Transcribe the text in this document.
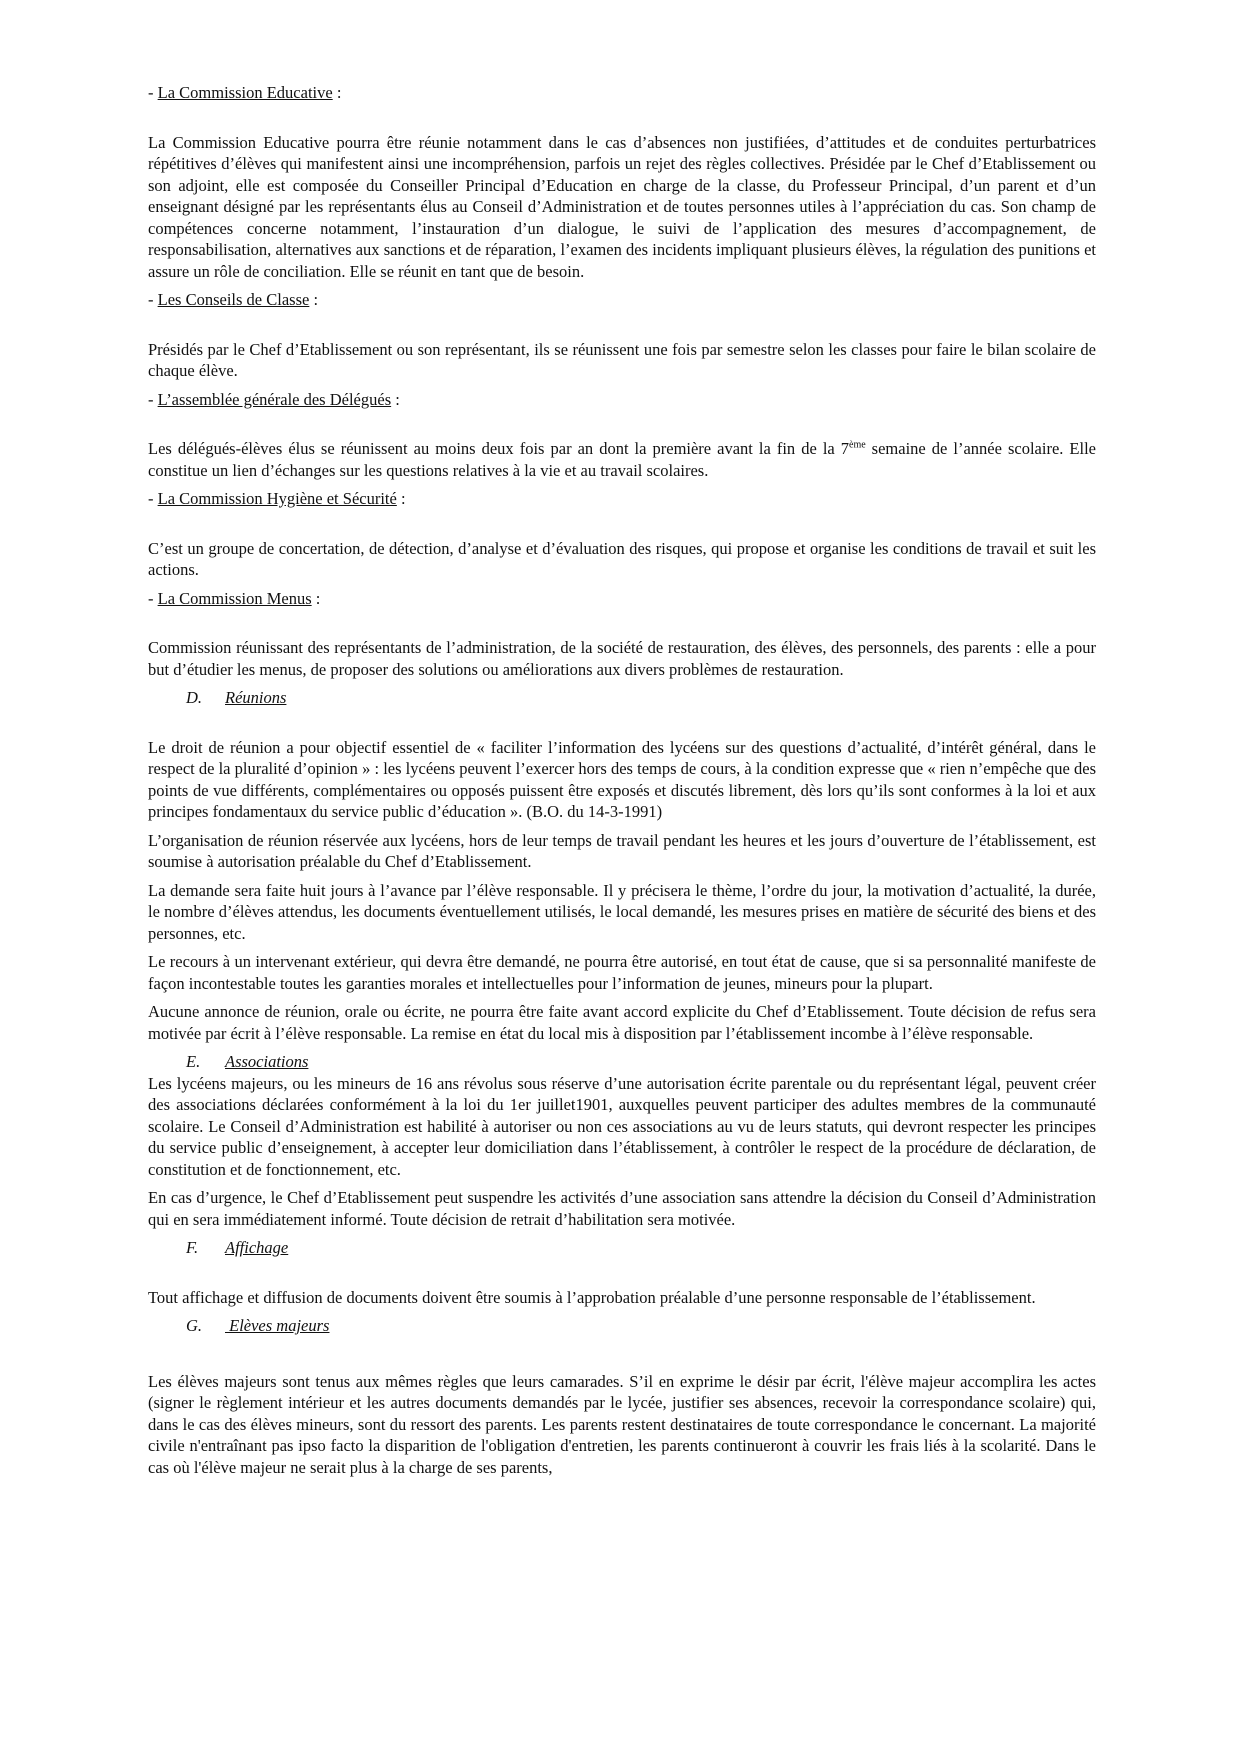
- La Commission Educative :

La Commission Educative pourra être réunie notamment dans le cas d’absences non justifiées, d’attitudes et de conduites perturbatrices répétitives d’élèves qui manifestent ainsi une incompréhension, parfois un rejet des règles collectives. Présidée par le Chef d’Etablissement ou son adjoint, elle est composée du Conseiller Principal d’Education en charge de la classe, du Professeur Principal, d’un parent et d’un enseignant désigné par les représentants élus au Conseil d’Administration et de toutes personnes utiles à l’appréciation du cas. Son champ de compétences concerne notamment, l’instauration d’un dialogue, le suivi de l’application des mesures d’accompagnement, de responsabilisation, alternatives aux sanctions et de réparation, l’examen des incidents impliquant plusieurs élèves, la régulation des punitions et assure un rôle de conciliation. Elle se réunit en tant que de besoin.

- Les Conseils de Classe :

Présidés par le Chef d’Etablissement ou son représentant, ils se réunissent une fois par semestre selon les classes pour faire le bilan scolaire de chaque élève.

- L’assemblée générale des Délégués :

Les délégués-élèves élus se réunissent au moins deux fois par an dont la première avant la fin de la 7ème semaine de l’année scolaire. Elle constitue un lien d’échanges sur les questions relatives à la vie et au travail scolaires.

- La Commission Hygiène et Sécurité :

C’est un groupe de concertation, de détection, d’analyse et d’évaluation des risques, qui propose et organise les conditions de travail et suit les actions.

- La Commission Menus :

Commission réunissant des représentants de l’administration, de la société de restauration, des élèves, des personnels, des parents : elle a pour but d’étudier les menus, de proposer des solutions ou améliorations aux divers problèmes de restauration.

D. Réunions

Le droit de réunion a pour objectif essentiel de « faciliter l’information des lycéens sur des questions d’actualité, d’intérêt général, dans le respect de la pluralité d’opinion » : les lycéens peuvent l’exercer hors des temps de cours, à la condition expresse que « rien n’empêche que des points de vue différents, complémentaires ou opposés puissent être exposés et discutés librement, dès lors qu’ils sont conformes à la loi et aux principes fondamentaux du service public d’éducation ». (B.O. du 14-3-1991)

L’organisation de réunion réservée aux lycéens, hors de leur temps de travail pendant les heures et les jours d’ouverture de l’établissement, est soumise à autorisation préalable du Chef d’Etablissement.

La demande sera faite huit jours à l’avance par l’élève responsable. Il y précisera le thème, l’ordre du jour, la motivation d’actualité, la durée, le nombre d’élèves attendus, les documents éventuellement utilisés, le local demandé, les mesures prises en matière de sécurité des biens et des personnes, etc.

Le recours à un intervenant extérieur, qui devra être demandé, ne pourra être autorisé, en tout état de cause, que si sa personnalité manifeste de façon incontestable toutes les garanties morales et intellectuelles pour l’information de jeunes, mineurs pour la plupart.

Aucune annonce de réunion, orale ou écrite, ne pourra être faite avant accord explicite du Chef d’Etablissement. Toute décision de refus sera motivée par écrit à l’élève responsable. La remise en état du local mis à disposition par l’établissement incombe à l’élève responsable.

E. Associations

Les lycéens majeurs, ou les mineurs de 16 ans révolus sous réserve d’une autorisation écrite parentale ou du représentant légal, peuvent créer des associations déclarées conformément à la loi du 1er juillet1901, auxquelles peuvent participer des adultes membres de la communauté scolaire. Le Conseil d’Administration est habilité à autoriser ou non ces associations au vu de leurs statuts, qui devront respecter les principes du service public d’enseignement, à accepter leur domiciliation dans l’établissement, à contrôler le respect de la procédure de déclaration, de constitution et de fonctionnement, etc.

En cas d’urgence, le Chef d’Etablissement peut suspendre les activités d’une association sans attendre la décision du Conseil d’Administration qui en sera immédiatement informé. Toute décision de retrait d’habilitation sera motivée.

F. Affichage

Tout affichage et diffusion de documents doivent être soumis à l’approbation préalable d’une personne responsable de l’établissement.

G. Elèves majeurs

Les élèves majeurs sont tenus aux mêmes règles que leurs camarades. S’il en exprime le désir par écrit, l'élève majeur accomplira les actes (signer le règlement intérieur et les autres documents demandés par le lycée, justifier ses absences, recevoir la correspondance scolaire) qui, dans le cas des élèves mineurs, sont du ressort des parents. Les parents restent destinataires de toute correspondance le concernant. La majorité civile n'entraînant pas ipso facto la disparition de l'obligation d'entretien, les parents continueront à couvrir les frais liés à la scolarité. Dans le cas où l'élève majeur ne serait plus à la charge de ses parents,
